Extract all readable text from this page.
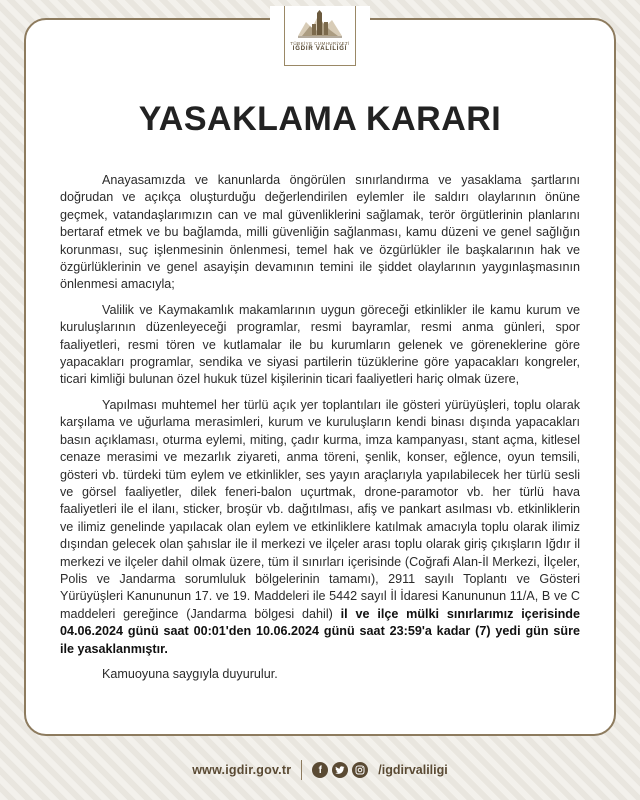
TÜRKİYE CUMHURİYETİ
IĞDIR VALİLİĞİ
YASAKLAMA KARARI

Anayasamızda ve kanunlarda öngörülen sınırlandırma ve yasaklama şartlarını doğrudan ve açıkça oluşturduğu değerlendirilen eylemler ile saldırı olaylarının önüne geçmek, vatandaşlarımızın can ve mal güvenliklerini sağlamak, terör örgütlerinin planlarını bertaraf etmek ve bu bağlamda, milli güvenliğin sağlanması, kamu düzeni ve genel sağlığın korunması, suç işlenmesinin önlenmesi, temel hak ve özgürlükler ile başkalarının hak ve özgürlüklerinin ve genel asayişin devamının temini ile şiddet olaylarının yaygınlaşmasının önlenmesi amacıyla;

Valilik ve Kaymakamlık makamlarının uygun göreceği etkinlikler ile kamu kurum ve kuruluşlarının düzenleyeceği programlar, resmi bayramlar, resmi anma günleri, spor faaliyetleri, resmi tören ve kutlamalar ile bu kurumların gelenek ve göreneklerine göre yapacakları programlar, sendika ve siyasi partilerin tüzüklerine göre yapacakları kongreler, ticari kimliği bulunan özel hukuk tüzel kişilerinin ticari faaliyetleri hariç olmak üzere,

Yapılması muhtemel her türlü açık yer toplantıları ile gösteri yürüyüşleri, toplu olarak karşılama ve uğurlama merasimleri, kurum ve kuruluşların kendi binası dışında yapacakları basın açıklaması, oturma eylemi, miting, çadır kurma, imza kampanyası, stant açma, kitlesel cenaze merasimi ve mezarlık ziyareti, anma töreni, şenlik, konser, eğlence, oyun temsili, gösteri vb. türdeki tüm eylem ve etkinlikler, ses yayın araçlarıyla yapılabilecek her türlü sesli ve görsel faaliyetler, dilek feneri-balon uçurtmak, drone-paramotor vb. her türlü hava faaliyetleri ile el ilanı, sticker, broşür vb. dağıtılması, afiş ve pankart asılması vb. etkinliklerin ve ilimiz genelinde yapılacak olan eylem ve etkinliklere katılmak amacıyla toplu olarak ilimiz dışından gelecek olan şahıslar ile il merkezi ve ilçeler arası toplu olarak giriş çıkışların Iğdır il merkezi ve ilçeler dahil olmak üzere, tüm il sınırları içerisinde (Coğrafi Alan-İl Merkezi, İlçeler, Polis ve Jandarma sorumluluk bölgelerinin tamamı), 2911 sayılı Toplantı ve Gösteri Yürüyüşleri Kanununun 17. ve 19. Maddeleri ile 5442 sayıl İl İdaresi Kanununun 11/A, B ve C maddeleri gereğince (Jandarma bölgesi dahil) il ve ilçe mülki sınırlarımız içerisinde 04.06.2024 günü saat 00:01'den 10.06.2024 günü saat 23:59'a kadar (7) yedi gün süre ile yasaklanmıştır.

Kamuoyuna saygıyla duyurulur.

www.igdir.gov.tr	f	/igdirvaliligi
